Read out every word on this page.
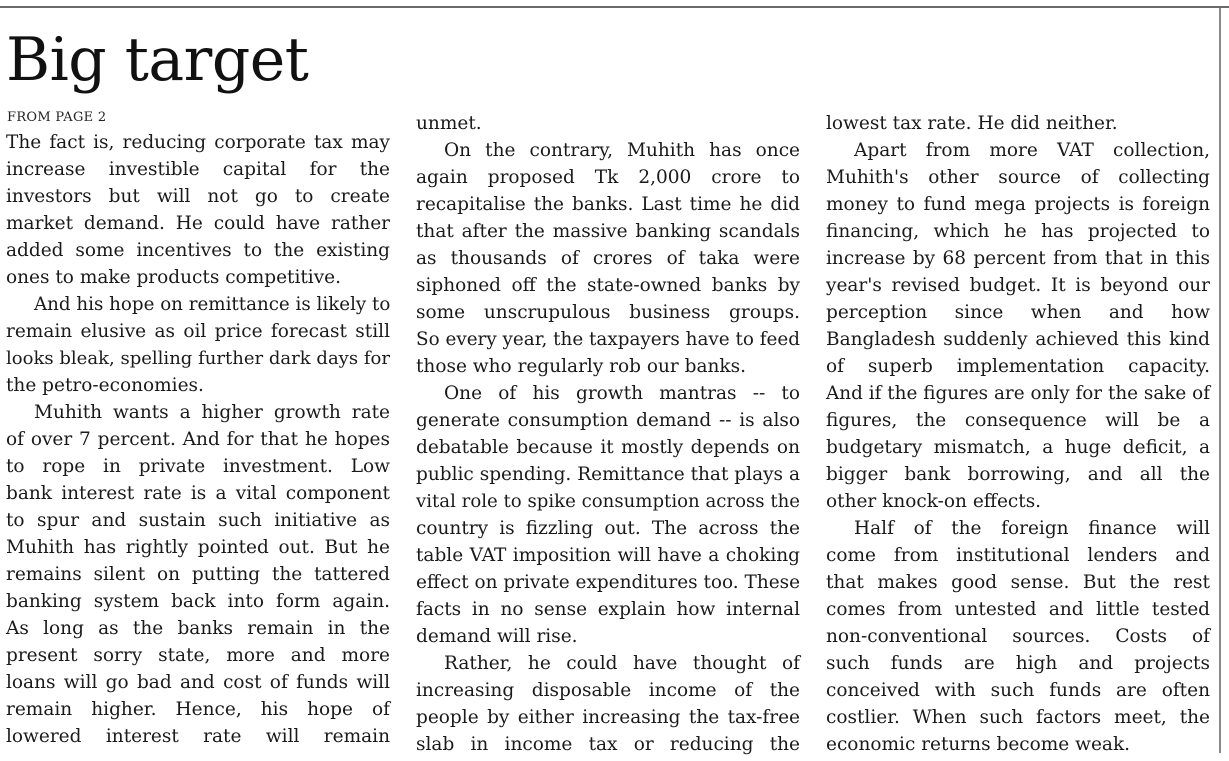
Big target
FROM PAGE 2
The fact is, reducing corporate tax may
increase investible capital for the
investors but will not go to create
market demand. He could have rather
added some incentives to the existing
ones to make products competitive.
And his hope on remittance is likely to
remain elusive as oil price forecast still
looks bleak, spelling further dark days for
the petro-economies.
Muhith wants a higher growth rate
of over 7 percent. And for that he hopes
to rope in private investment. Low
bank interest rate is a vital component
to spur and sustain such initiative as
Muhith has rightly pointed out. But he
remains silent on putting the tattered
banking system back into form again.
As long as the banks remain in the
present sorry state, more and more
loans will go bad and cost of funds will
remain higher. Hence, his hope of
lowered interest rate will remain
unmet.
On the contrary, Muhith has once
again proposed Tk 2,000 crore to
recapitalise the banks. Last time he did
that after the massive banking scandals
as thousands of crores of taka were
siphoned off the state-owned banks by
some unscrupulous business groups.
So every year, the taxpayers have to feed
those who regularly rob our banks.
One of his growth mantras -- to
generate consumption demand -- is also
debatable because it mostly depends on
public spending. Remittance that plays a
vital role to spike consumption across the
country is fizzling out. The across the
table VAT imposition will have a choking
effect on private expenditures too. These
facts in no sense explain how internal
demand will rise.
Rather, he could have thought of
increasing disposable income of the
people by either increasing the tax-free
slab in income tax or reducing the
lowest tax rate. He did neither.
Apart from more VAT collection,
Muhith's other source of collecting
money to fund mega projects is foreign
financing, which he has projected to
increase by 68 percent from that in this
year's revised budget. It is beyond our
perception since when and how
Bangladesh suddenly achieved this kind
of superb implementation capacity.
And if the figures are only for the sake of
figures, the consequence will be a
budgetary mismatch, a huge deficit, a
bigger bank borrowing, and all the
other knock-on effects.
Half of the foreign finance will
come from institutional lenders and
that makes good sense. But the rest
comes from untested and little tested
non-conventional sources. Costs of
such funds are high and projects
conceived with such funds are often
costlier. When such factors meet, the
economic returns become weak.
